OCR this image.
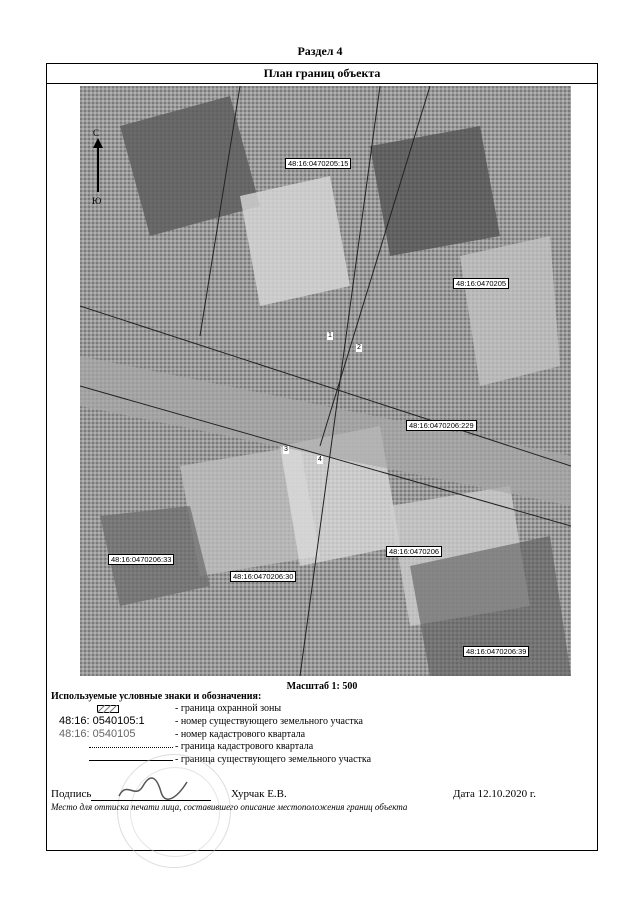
Раздел 4
План границ объекта
С
Ю
48:16:0470205:15
48:16:0470205
48:16:0470206:229
48:16:0470206:33
48:16:0470206:30
48:16:0470206
48:16:0470206:39
1
2
3
4
Масштаб 1: 500
Используемые условные знаки и обозначения:
- граница охранной зоны
48:16: 0540105:1	- номер существующего земельного участка
48:16: 0540105	- номер кадастрового квартала
- граница кадастрового квартала
- граница существующего земельного участка
Подпись	Хурчак Е.В.	Дата 12.10.2020 г.
Место для оттиска печати лица, составившего описание местоположения границ объекта
